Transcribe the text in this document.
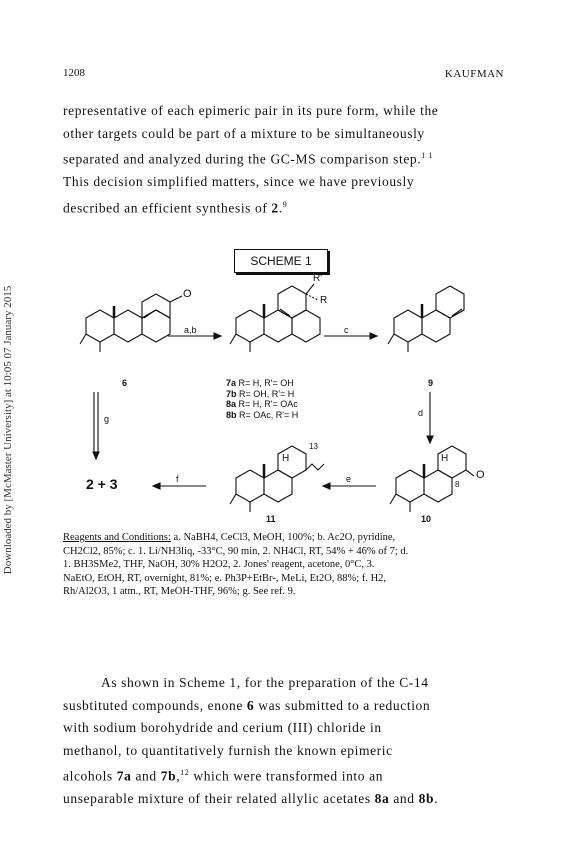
1208	KAUFMAN
Downloaded by [McMaster University] at 10:05 07 January 2015
representative of each epimeric pair in its pure form, while the
other targets could be part of a mixture to be simultaneously
separated and analyzed during the GC-MS comparison step.$^{1 1}$
This decision simplified matters, since we have previously
described an efficient synthesis of 2.$^9$
SCHEME 1
a,b	c
d
e
f
g
O
R'
R
H
O
8
H
13
6	9
10
11
2 + 3
7a R= H, R'= OH
7b R= OH, R'= H
8a R= H, R'= OAc
8b R= OAc, R'= H
Reagents and Conditions: a. NaBH4, CeCl3, MeOH, 100%; b. Ac2O, pyridine,
CH2Cl2, 85%; c. 1. Li/NH3liq, -33°C, 90 min, 2. NH4Cl, RT, 54% + 46% of 7; d.
1. BH3SMe2, THF, NaOH, 30% H2O2, 2. Jones' reagent, acetone, 0°C, 3.
NaEtO, EtOH, RT, overnight, 81%; e. Ph3P+EtBr-, MeLi, Et2O, 88%; f. H2,
Rh/Al2O3, 1 atm., RT, MeOH-THF, 96%; g. See ref. 9.
As shown in Scheme 1, for the preparation of the C-14
susbtituted compounds, enone 6 was submitted to a reduction
with sodium borohydride and cerium (III) chloride in
methanol, to quantitatively furnish the known epimeric
alcohols 7a and 7b,$^{12}$ which were transformed into an
unseparable mixture of their related allylic acetates 8a and 8b.
